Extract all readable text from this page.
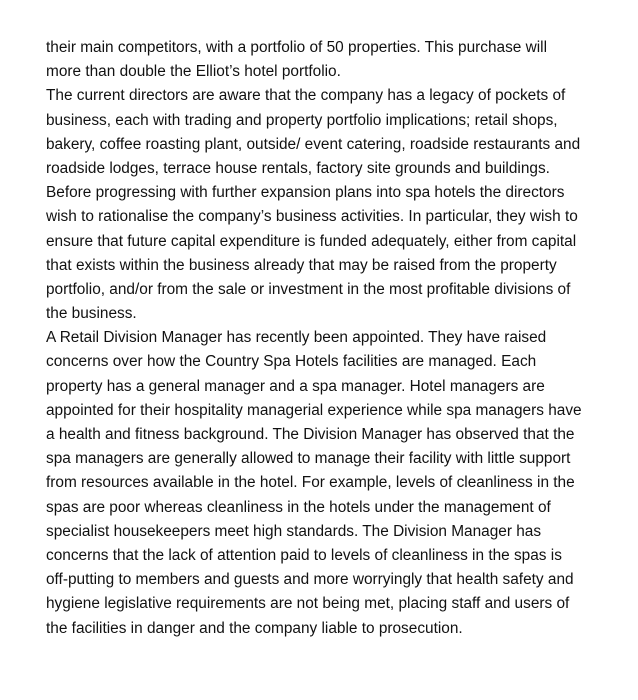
their main competitors, with a portfolio of 50 properties. This purchase will
more than double the Elliot’s hotel portfolio.
The current directors are aware that the company has a legacy of pockets of
business, each with trading and property portfolio implications; retail shops,
bakery, coffee roasting plant, outside/ event catering, roadside restaurants and
roadside lodges, terrace house rentals, factory site grounds and buildings.
Before progressing with further expansion plans into spa hotels the directors
wish to rationalise the company’s business activities. In particular, they wish to
ensure that future capital expenditure is funded adequately, either from capital
that exists within the business already that may be raised from the property
portfolio, and/or from the sale or investment in the most profitable divisions of
the business.
A Retail Division Manager has recently been appointed. They have raised
concerns over how the Country Spa Hotels facilities are managed. Each
property has a general manager and a spa manager. Hotel managers are
appointed for their hospitality managerial experience while spa managers have
a health and fitness background. The Division Manager has observed that the
spa managers are generally allowed to manage their facility with little support
from resources available in the hotel. For example, levels of cleanliness in the
spas are poor whereas cleanliness in the hotels under the management of
specialist housekeepers meet high standards. The Division Manager has
concerns that the lack of attention paid to levels of cleanliness in the spas is
off-putting to members and guests and more worryingly that health safety and
hygiene legislative requirements are not being met, placing staff and users of
the facilities in danger and the company liable to prosecution.
